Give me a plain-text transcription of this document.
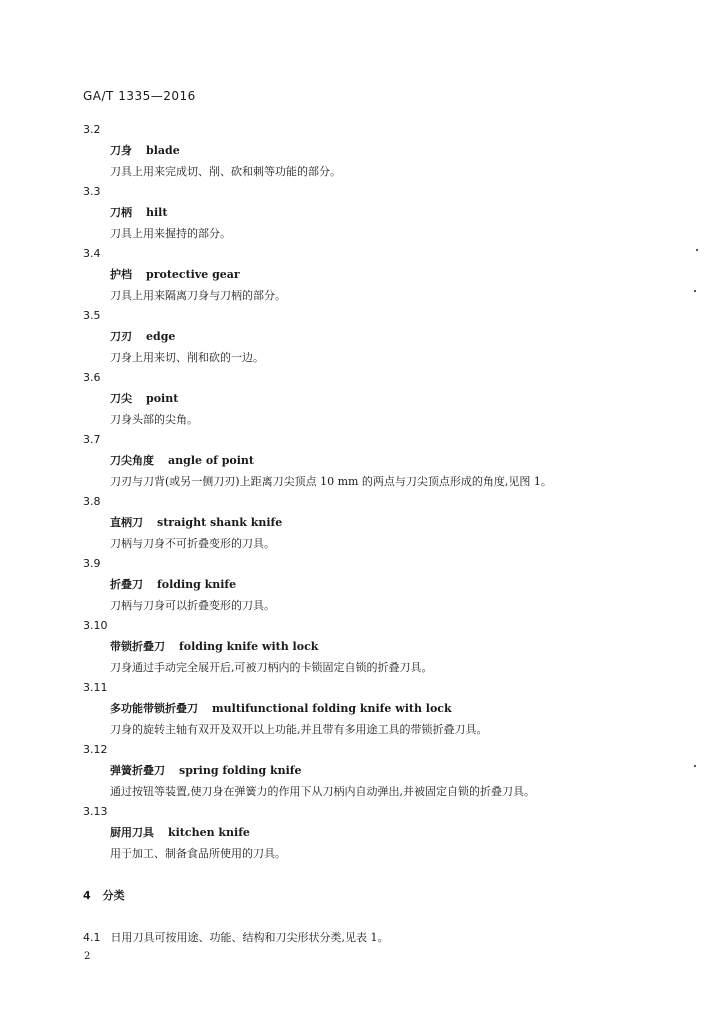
GA/T 1335—2016
3.2
刀身 blade
刀具上用来完成切、削、砍和刺等功能的部分。
3.3
刀柄 hilt
刀具上用来握持的部分。
3.4
护档 protective gear
刀具上用来隔离刀身与刀柄的部分。
3.5
刀刃 edge
刀身上用来切、削和砍的一边。
3.6
刀尖 point
刀身头部的尖角。
3.7
刀尖角度 angle of point
刀刃与刀背(或另一侧刀刃)上距离刀尖顶点 10 mm 的两点与刀尖顶点形成的角度,见图 1。
3.8
直柄刀 straight shank knife
刀柄与刀身不可折叠变形的刀具。
3.9
折叠刀 folding knife
刀柄与刀身可以折叠变形的刀具。
3.10
带锁折叠刀 folding knife with lock
刀身通过手动完全展开后,可被刀柄内的卡锁固定自锁的折叠刀具。
3.11
多功能带锁折叠刀 multifunctional folding knife with lock
刀身的旋转主轴有双开及双开以上功能,并且带有多用途工具的带锁折叠刀具。
3.12
弹簧折叠刀 spring folding knife
通过按钮等装置,使刀身在弹簧力的作用下从刀柄内自动弹出,并被固定自锁的折叠刀具。
3.13
厨用刀具 kitchen knife
用于加工、制备食品所使用的刀具。
4 分类
4.1 日用刀具可按用途、功能、结构和刀尖形状分类,见表 1。
2
